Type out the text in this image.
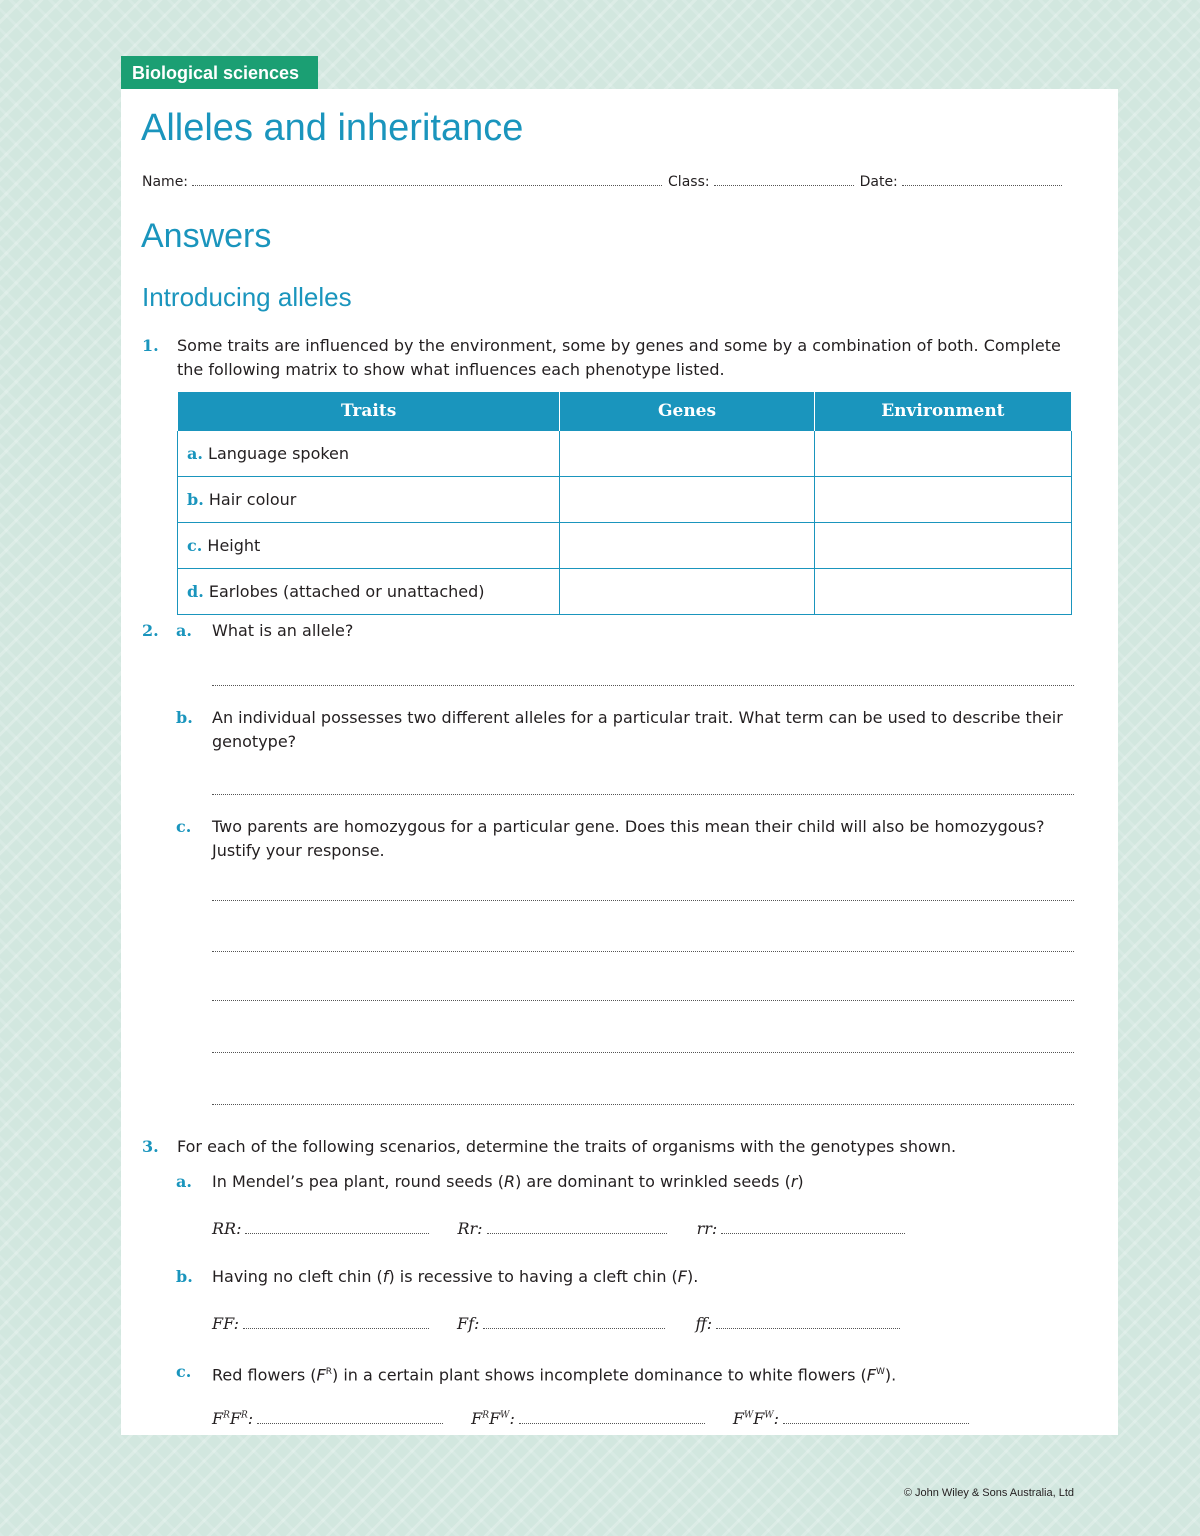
Biological sciences
Alleles and inheritance
Name:	Class:	Date:
Answers
Introducing alleles
1. Some traits are influenced by the environment, some by genes and some by a combination of both. Complete the following matrix to show what influences each phenotype listed.
Traits	Genes	Environment
a. Language spoken		
b. Hair colour		
c. Height		
d. Earlobes (attached or unattached)		
2. a. What is an allele?
b. An individual possesses two different alleles for a particular trait. What term can be used to describe their genotype?
c. Two parents are homozygous for a particular gene. Does this mean their child will also be homozygous? Justify your response.
3. For each of the following scenarios, determine the traits of organisms with the genotypes shown.
a. In Mendel’s pea plant, round seeds (R) are dominant to wrinkled seeds (r)
RR:	Rr:	rr:
b. Having no cleft chin (f) is recessive to having a cleft chin (F).
FF:	Ff:	ff:
c. Red flowers $(F^R)$ in a certain plant shows incomplete dominance to white flowers $(F^W)$.
$F^RF^R$:	$F^RF^W$:	$F^WF^W$:
© John Wiley & Sons Australia, Ltd
